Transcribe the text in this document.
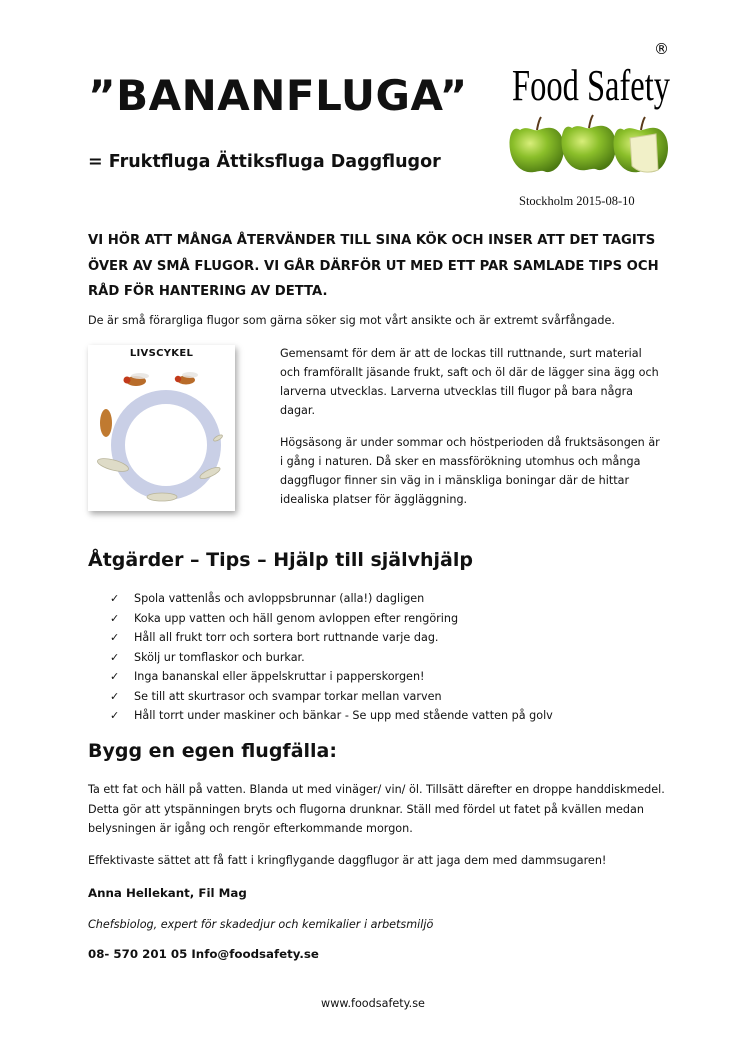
”BANANFLUGA”
= Fruktfluga Ättiksfluga Daggflugor
Food Safety
®
Stockholm 2015-08-10

VI HÖR ATT MÅNGA ÅTERVÄNDER TILL SINA KÖK OCH INSER ATT DET TAGITS ÖVER AV SMÅ FLUGOR. VI GÅR DÄRFÖR UT MED ETT PAR SAMLADE TIPS OCH RÅD FÖR HANTERING AV DETTA.

De är små förargliga flugor som gärna söker sig mot vårt ansikte och är extremt svårfångade.

LIVSCYKEL	Gemensamt för dem är att de lockas till ruttnande, surt material och framförallt jäsande frukt, saft och öl där de lägger sina ägg och larverna utvecklas. Larverna utvecklas till flugor på bara några dagar.

Högsäsong är under sommar och höstperioden då fruktsäsongen är i gång i naturen. Då sker en massförökning utomhus och många daggflugor finner sin väg in i mänskliga boningar där de hittar idealiska platser för äggläggning.

Åtgärder – Tips – Hjälp till självhjälp
✓ Spola vattenlås och avloppsbrunnar (alla!) dagligen
✓ Koka upp vatten och häll genom avloppen efter rengöring
✓ Håll all frukt torr och sortera bort ruttnande varje dag.
✓ Skölj ur tomflaskor och burkar.
✓ Inga bananskal eller äppelskruttar i papperskorgen!
✓ Se till att skurtrasor och svampar torkar mellan varven
✓ Håll torrt under maskiner och bänkar - Se upp med stående vatten på golv
Bygg en egen flugfälla:

Ta ett fat och häll på vatten. Blanda ut med vinäger/ vin/ öl. Tillsätt därefter en droppe handdiskmedel. Detta gör att ytspänningen bryts och flugorna drunknar. Ställ med fördel ut fatet på kvällen medan belysningen är igång och rengör efterkommande morgon.

Effektivaste sättet att få fatt i kringflygande daggflugor är att jaga dem med dammsugaren!

Anna Hellekant, Fil Mag
Chefsbiolog, expert för skadedjur och kemikalier i arbetsmiljö
08- 570 201 05 Info@foodsafety.se
www.foodsafety.se
